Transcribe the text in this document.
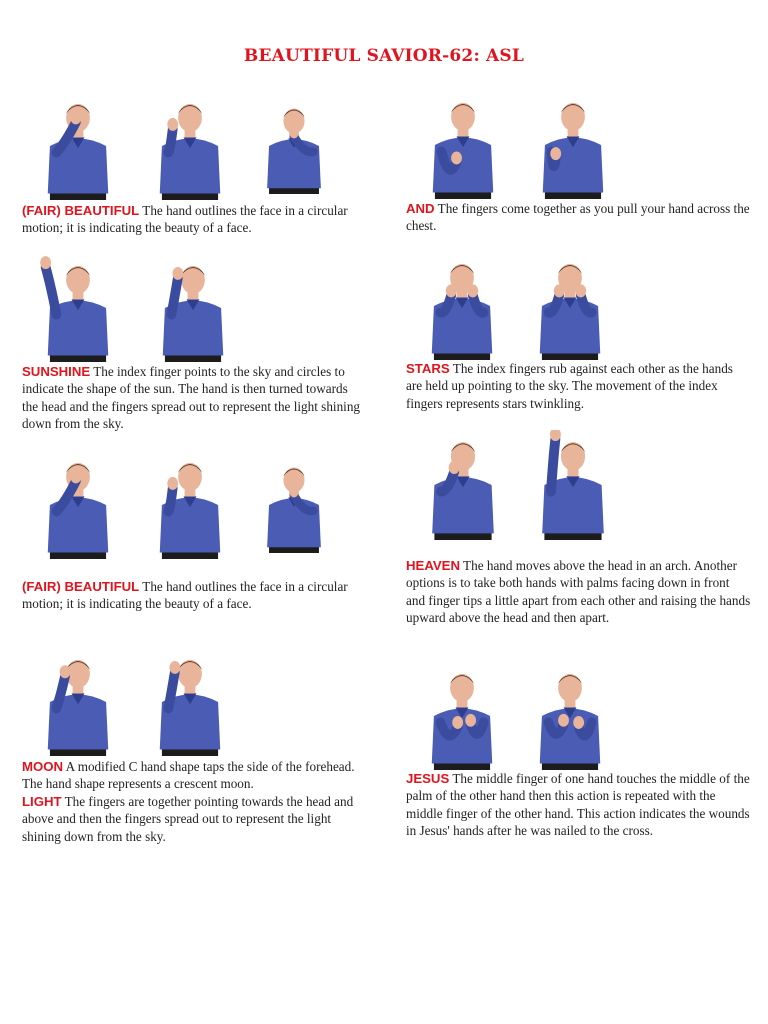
BEAUTIFUL SAVIOR-62: ASL

(FAIR) BEAUTIFUL The hand outlines the face in a circular motion; it is indicating the beauty of a face.

SUNSHINE The index finger points to the sky and circles to indicate the shape of the sun. The hand is then turned towards the head and the fingers spread out to represent the light shining down from the sky.

(FAIR) BEAUTIFUL The hand outlines the face in a circular motion; it is indicating the beauty of a face.

MOON A modified C hand shape taps the side of the forehead. The hand shape represents a crescent moon.

LIGHT The fingers are together pointing towards the head and above and then the fingers spread out to represent the light shining down from the sky.

AND The fingers come together as you pull your hand across the chest.

STARS The index fingers rub against each other as the hands are held up pointing to the sky. The movement of the index fingers represents stars twinkling.

HEAVEN The hand moves above the head in an arch. Another options is to take both hands with palms facing down in front and finger tips a little apart from each other and raising the hands upward above the head and then apart.

JESUS The middle finger of one hand touches the middle of the palm of the other hand then this action is repeated with the middle finger of the other hand. This action indicates the wounds in Jesus' hands after he was nailed to the cross.
